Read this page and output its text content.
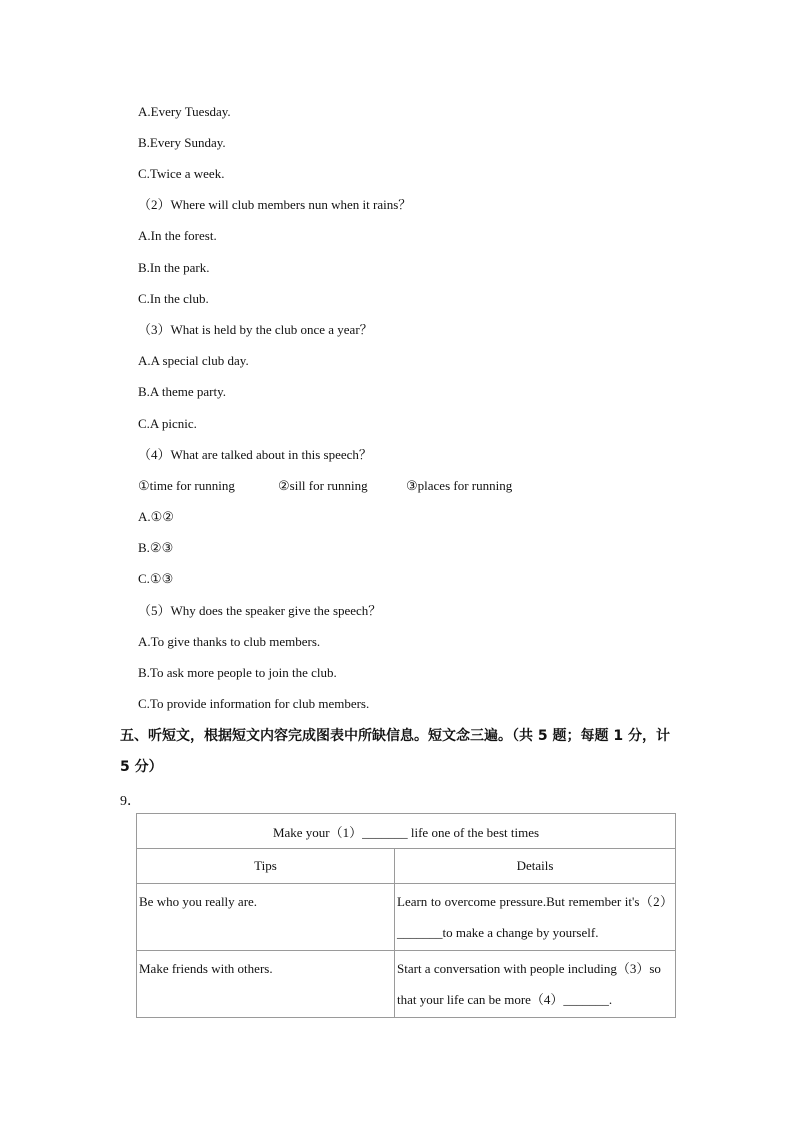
A.Every Tuesday.
B.Every Sunday.
C.Twice a week.
（2）Where will club members nun when it rains？
A.In the forest.
B.In the park.
C.In the club.
（3）What is held by the club once a year？
A.A special club day.
B.A theme party.
C.A picnic.
（4）What are talked about in this speech？
①time for running	②sill for running	③places for running
A.①②
B.②③
C.①③
（5）Why does the speaker give the speech？
A.To give thanks to club members.
B.To ask more people to join the club.
C.To provide information for club members.
五、听短文，根据短文内容完成图表中所缺信息。短文念三遍。（共 5 题；每题 1 分，计 5 分）
9．
Make your（1）_______ life one of the best times	
Tips	Details
Be who you really are.	Learn to overcome pressure.But remember it's（2）_______to make a change by yourself.
Make friends with others.	Start a conversation with people including（3）so that your life can be more（4）_______.
